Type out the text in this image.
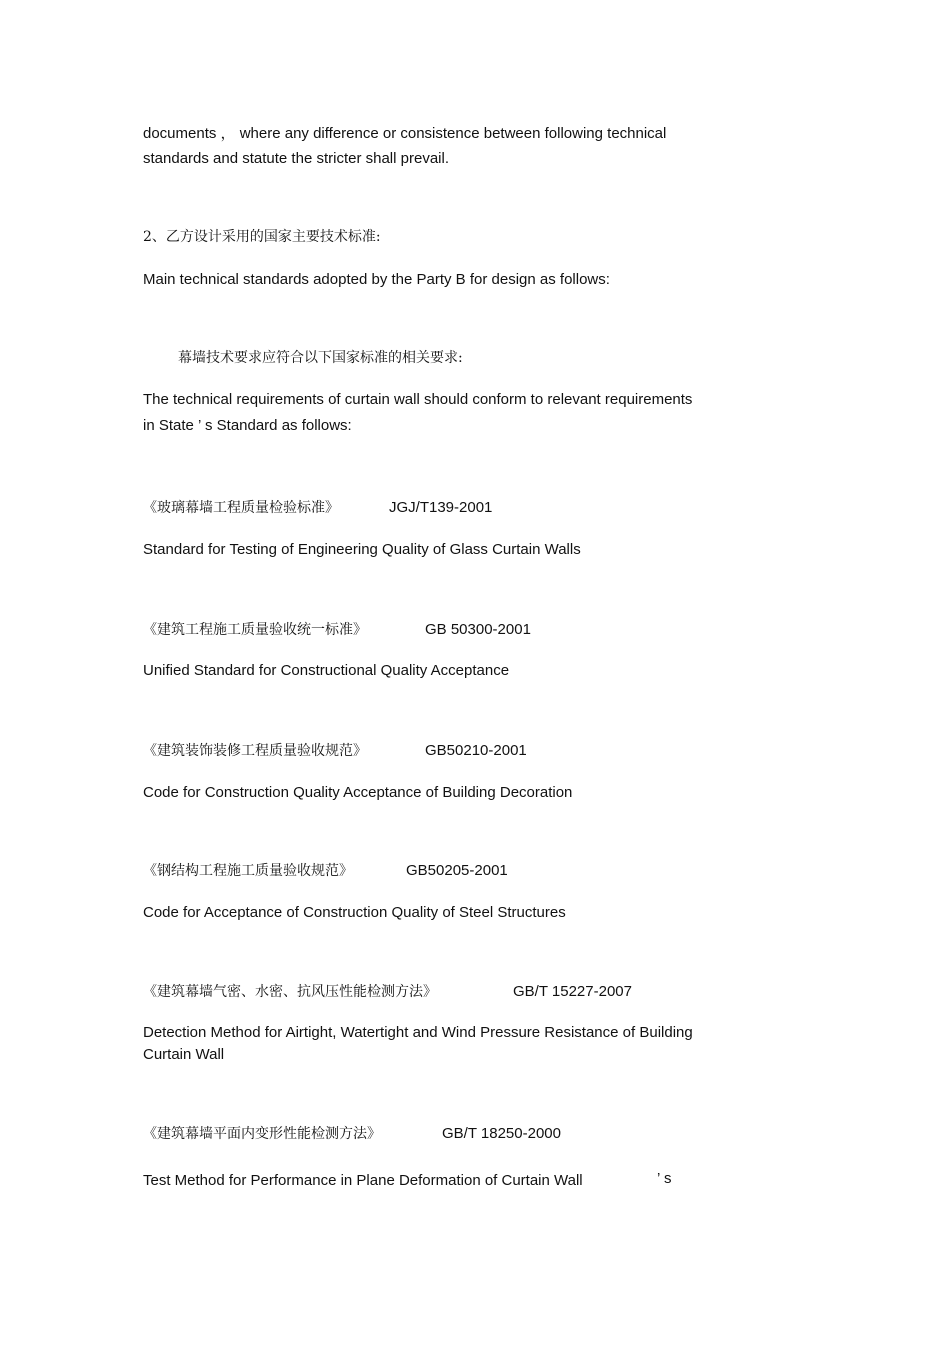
documents ， where any difference or consistence between following technical

standards and statute the stricter shall prevail.

2、乙方设计采用的国家主要技术标准:

Main technical standards adopted by the Party B for design as follows:

幕墙技术要求应符合以下国家标准的相关要求:

The technical requirements of curtain wall should conform to relevant requirements

in State ’ s Standard as follows:

《玻璃幕墙工程质量检验标准》	JGJ/T139-2001

Standard for Testing of Engineering Quality of Glass Curtain Walls

《建筑工程施工质量验收统一标准》	GB 50300-2001

Unified Standard for Constructional Quality Acceptance

《建筑装饰装修工程质量验收规范》	GB50210-2001

Code for Construction Quality Acceptance of Building Decoration

《钢结构工程施工质量验收规范》	GB50205-2001

Code for Acceptance of Construction Quality of Steel Structures

《建筑幕墙气密、水密、抗风压性能检测方法》	GB/T 15227-2007

Detection Method for Airtight, Watertight and Wind Pressure Resistance of Building

Curtain Wall

《建筑幕墙平面内变形性能检测方法》	GB/T 18250-2000
Test Method for Performance in Plane Deformation of Curtain Wall	’ s
